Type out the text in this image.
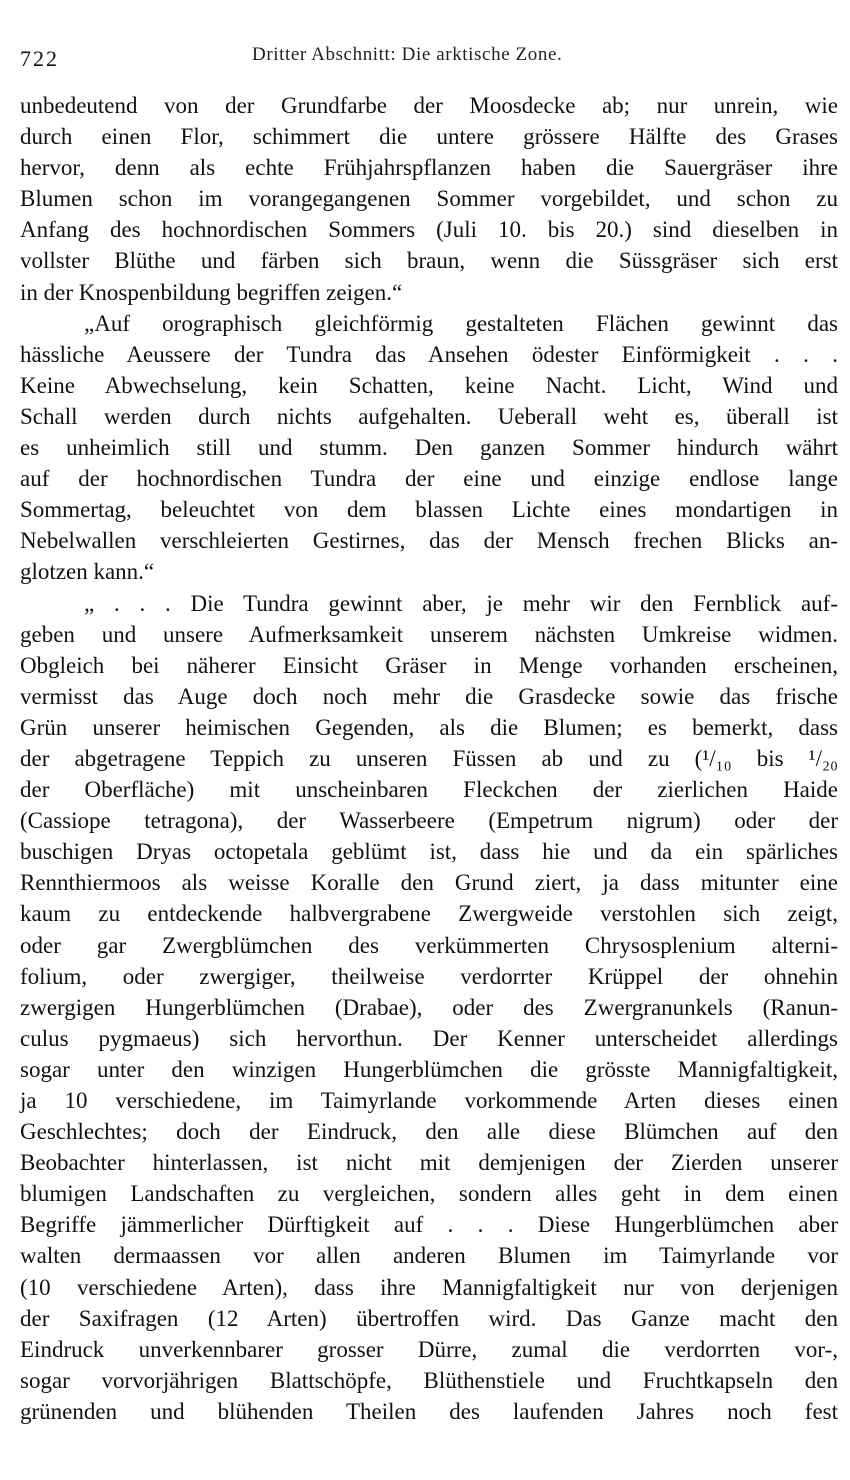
722	Dritter Abschnitt: Die arktische Zone.
unbedeutend von der Grundfarbe der Moosdecke ab; nur unrein, wie
durch einen Flor, schimmert die untere grössere Hälfte des Grases
hervor, denn als echte Frühjahrspflanzen haben die Sauergräser ihre
Blumen schon im vorangegangenen Sommer vorgebildet, und schon zu
Anfang des hochnordischen Sommers (Juli 10. bis 20.) sind dieselben in
vollster Blüthe und färben sich braun, wenn die Süssgräser sich erst
in der Knospenbildung begriffen zeigen.“
„Auf orographisch gleichförmig gestalteten Flächen gewinnt das
hässliche Aeussere der Tundra das Ansehen ödester Einförmigkeit . . .
Keine Abwechselung, kein Schatten, keine Nacht. Licht, Wind und
Schall werden durch nichts aufgehalten. Ueberall weht es, überall ist
es unheimlich still und stumm. Den ganzen Sommer hindurch währt
auf der hochnordischen Tundra der eine und einzige endlose lange
Sommertag, beleuchtet von dem blassen Lichte eines mondartigen in
Nebelwallen verschleierten Gestirnes, das der Mensch frechen Blicks an-
glotzen kann.“
„ . . . Die Tundra gewinnt aber, je mehr wir den Fernblick auf-
geben und unsere Aufmerksamkeit unserem nächsten Umkreise widmen.
Obgleich bei näherer Einsicht Gräser in Menge vorhanden erscheinen,
vermisst das Auge doch noch mehr die Grasdecke sowie das frische
Grün unserer heimischen Gegenden, als die Blumen; es bemerkt, dass
der abgetragene Teppich zu unseren Füssen ab und zu (¹/₁₀ bis ¹/₂₀
der Oberfläche) mit unscheinbaren Fleckchen der zierlichen Haide
(Cassiope tetragona), der Wasserbeere (Empetrum nigrum) oder der
buschigen Dryas octopetala geblümt ist, dass hie und da ein spärliches
Rennthiermoos als weisse Koralle den Grund ziert, ja dass mitunter eine
kaum zu entdeckende halbvergrabene Zwergweide verstohlen sich zeigt,
oder gar Zwergblümchen des verkümmerten Chrysosplenium alterni-
folium, oder zwergiger, theilweise verdorrter Krüppel der ohnehin
zwergigen Hungerblümchen (Drabae), oder des Zwergranunkels (Ranun-
culus pygmaeus) sich hervorthun. Der Kenner unterscheidet allerdings
sogar unter den winzigen Hungerblümchen die grösste Mannigfaltigkeit,
ja 10 verschiedene, im Taimyrlande vorkommende Arten dieses einen
Geschlechtes; doch der Eindruck, den alle diese Blümchen auf den
Beobachter hinterlassen, ist nicht mit demjenigen der Zierden unserer
blumigen Landschaften zu vergleichen, sondern alles geht in dem einen
Begriffe jämmerlicher Dürftigkeit auf . . . Diese Hungerblümchen aber
walten dermaassen vor allen anderen Blumen im Taimyrlande vor
(10 verschiedene Arten), dass ihre Mannigfaltigkeit nur von derjenigen
der Saxifragen (12 Arten) übertroffen wird. Das Ganze macht den
Eindruck unverkennbarer grosser Dürre, zumal die verdorrten vor-,
sogar vorvorjährigen Blattschöpfe, Blüthenstiele und Fruchtkapseln den
grünenden und blühenden Theilen des laufenden Jahres noch fest
